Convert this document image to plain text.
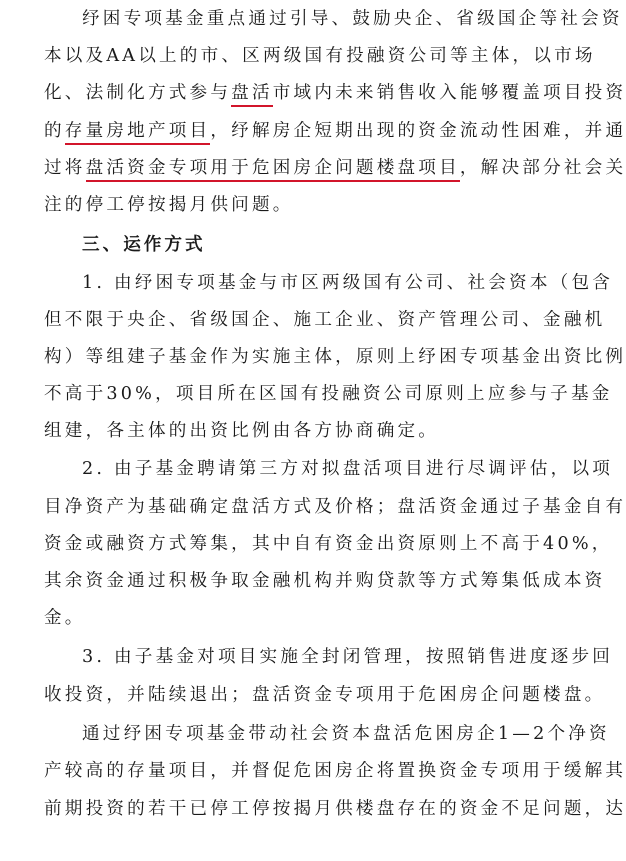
纾困专项基金重点通过引导、鼓励央企、省级国企等社会资
本以及AA以上的市、区两级国有投融资公司等主体，以市场
化、法制化方式参与盘活市域内未来销售收入能够覆盖项目投资
的存量房地产项目，纾解房企短期出现的资金流动性困难，并通
过将盘活资金专项用于危困房企问题楼盘项目，解决部分社会关
注的停工停按揭月供问题。
三、运作方式
1. 由纾困专项基金与市区两级国有公司、社会资本（包含
但不限于央企、省级国企、施工企业、资产管理公司、金融机
构）等组建子基金作为实施主体，原则上纾困专项基金出资比例
不高于30%，项目所在区国有投融资公司原则上应参与子基金
组建，各主体的出资比例由各方协商确定。
2. 由子基金聘请第三方对拟盘活项目进行尽调评估，以项
目净资产为基础确定盘活方式及价格；盘活资金通过子基金自有
资金或融资方式筹集，其中自有资金出资原则上不高于40%，
其余资金通过积极争取金融机构并购贷款等方式筹集低成本资
金。
3. 由子基金对项目实施全封闭管理，按照销售进度逐步回
收投资，并陆续退出；盘活资金专项用于危困房企问题楼盘。
通过纾困专项基金带动社会资本盘活危困房企1—2个净资
产较高的存量项目，并督促危困房企将置换资金专项用于缓解其
前期投资的若干已停工停按揭月供楼盘存在的资金不足问题，达
